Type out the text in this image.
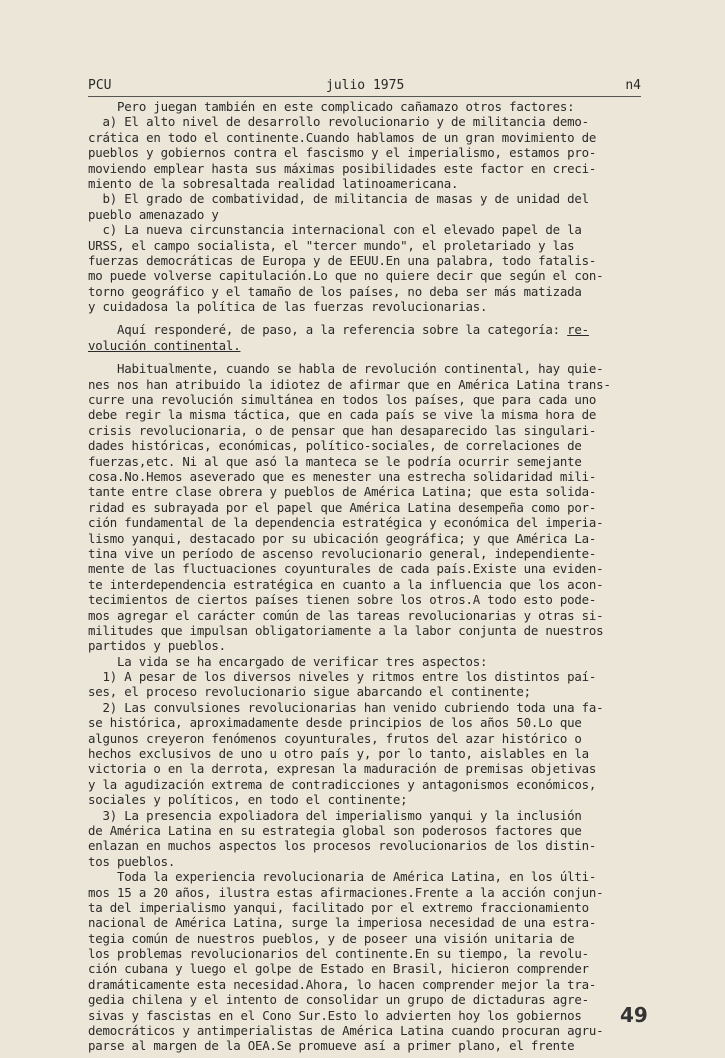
PCU	julio 1975	n4
Pero juegan también en este complicado cañamazo otros factores:
a) El alto nivel de desarrollo revolucionario y de militancia demo-
crática en todo el continente.Cuando hablamos de un gran movimiento de
pueblos y gobiernos contra el fascismo y el imperialismo, estamos pro-
moviendo emplear hasta sus máximas posibilidades este factor en creci-
miento de la sobresaltada realidad latinoamericana.
b) El grado de combatividad, de militancia de masas y de unidad del
pueblo amenazado y
c) La nueva circunstancia internacional con el elevado papel de la
URSS, el campo socialista, el "tercer mundo", el proletariado y las
fuerzas democráticas de Europa y de EEUU.En una palabra, todo fatalis-
mo puede volverse capitulación.Lo que no quiere decir que según el con-
torno geográfico y el tamaño de los países, no deba ser más matizada
y cuidadosa la política de las fuerzas revolucionarias.
Aquí responderé, de paso, a la referencia sobre la categoría: re-
volución continental.
Habitualmente, cuando se habla de revolución continental, hay quie-
nes nos han atribuido la idiotez de afirmar que en América Latina trans-
curre una revolución simultánea en todos los países, que para cada uno
debe regir la misma táctica, que en cada país se vive la misma hora de
crisis revolucionaria, o de pensar que han desaparecido las singulari-
dades históricas, económicas, político-sociales, de correlaciones de
fuerzas,etc. Ni al que asó la manteca se le podría ocurrir semejante
cosa.No.Hemos aseverado que es menester una estrecha solidaridad mili-
tante entre clase obrera y pueblos de América Latina; que esta solida-
ridad es subrayada por el papel que América Latina desempeña como por-
ción fundamental de la dependencia estratégica y económica del imperia-
lismo yanqui, destacado por su ubicación geográfica; y que América La-
tina vive un período de ascenso revolucionario general, independiente-
mente de las fluctuaciones coyunturales de cada país.Existe una eviden-
te interdependencia estratégica en cuanto a la influencia que los acon-
tecimientos de ciertos países tienen sobre los otros.A todo esto pode-
mos agregar el carácter común de las tareas revolucionarias y otras si-
militudes que impulsan obligatoriamente a la labor conjunta de nuestros
partidos y pueblos.
La vida se ha encargado de verificar tres aspectos:
1) A pesar de los diversos niveles y ritmos entre los distintos paí-
ses, el proceso revolucionario sigue abarcando el continente;
2) Las convulsiones revolucionarias han venido cubriendo toda una fa-
se histórica, aproximadamente desde principios de los años 50.Lo que
algunos creyeron fenómenos coyunturales, frutos del azar histórico o
hechos exclusivos de uno u otro país y, por lo tanto, aislables en la
victoria o en la derrota, expresan la maduración de premisas objetivas
y la agudización extrema de contradicciones y antagonismos económicos,
sociales y políticos, en todo el continente;
3) La presencia expoliadora del imperialismo yanqui y la inclusión
de América Latina en su estrategia global son poderosos factores que
enlazan en muchos aspectos los procesos revolucionarios de los distin-
tos pueblos.
Toda la experiencia revolucionaria de América Latina, en los últi-
mos 15 a 20 años, ilustra estas afirmaciones.Frente a la acción conjun-
ta del imperialismo yanqui, facilitado por el extremo fraccionamiento
nacional de América Latina, surge la imperiosa necesidad de una estra-
tegia común de nuestros pueblos, y de poseer una visión unitaria de
los problemas revolucionarios del continente.En su tiempo, la revolu-
ción cubana y luego el golpe de Estado en Brasil, hicieron comprender
dramáticamente esta necesidad.Ahora, lo hacen comprender mejor la tra-
gedia chilena y el intento de consolidar un grupo de dictaduras agre-
sivas y fascistas en el Cono Sur.Esto lo advierten hoy los gobiernos
democráticos y antimperialistas de América Latina cuando procuran agru-
parse al margen de la OEA.Se promueve así a primer plano, el frente
49
